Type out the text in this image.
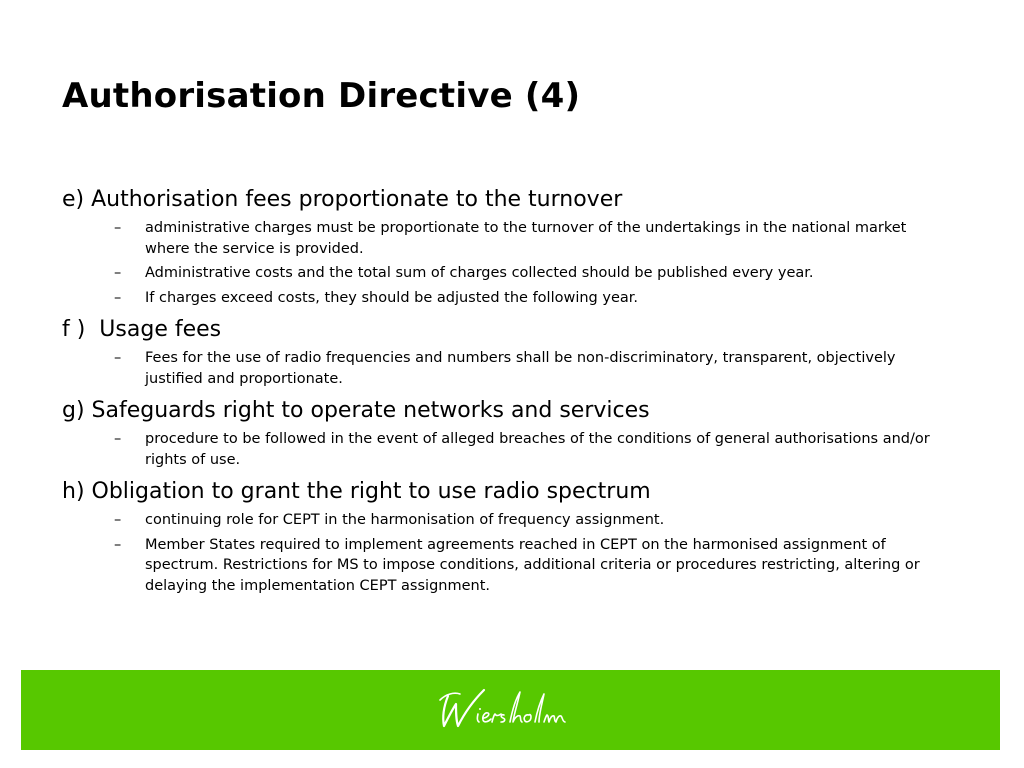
Authorisation Directive (4)
e) Authorisation fees proportionate to the turnover
– administrative charges must be proportionate to the turnover of the undertakings in the national market where the service is provided.
– Administrative costs and the total sum of charges collected should be published every year.
– If charges exceed costs, they should be adjusted the following year.
f )  Usage fees
– Fees for the use of radio frequencies and numbers shall be non-discriminatory, transparent, objectively justified and proportionate.
g) Safeguards right to operate networks and services
– procedure to be followed in the event of alleged breaches of the conditions of general authorisations and/or rights of use.
h) Obligation to grant the right to use radio spectrum
– continuing role for CEPT in the harmonisation of frequency assignment.
– Member States required to implement agreements reached in CEPT on the harmonised assignment of spectrum. Restrictions for MS to impose conditions, additional criteria or procedures restricting, altering or delaying the implementation CEPT assignment.
